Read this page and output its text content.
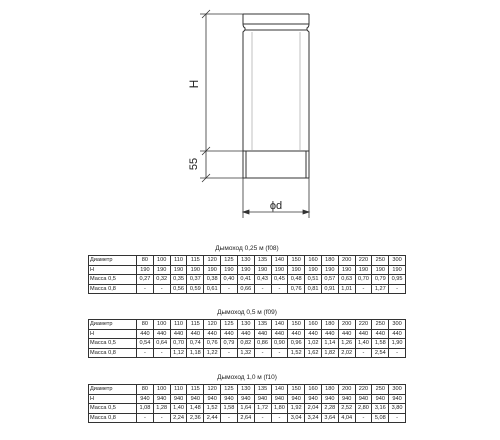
H
55
ϕd
Дымоход 0,25 м (f08)
Диаметр	80	100	110	115	120	125	130	135	140	150	160	180	200	220	250	300
H	190	190	190	190	190	190	190	190	190	190	190	190	190	190	190	190
Масса 0,5	0,27	0,32	0,35	0,37	0,38	0,40	0,41	0,43	0,45	0,48	0,51	0,57	0,63	0,70	0,79	0,95
Масса 0,8	-	-	0,56	0,59	0,61	-	0,66	-	-	0,76	0,81	0,91	1,01	-	1,27	-
Дымоход 0,5 м (f09)
Диаметр	80	100	110	115	120	125	130	135	140	150	160	180	200	220	250	300
H	440	440	440	440	440	440	440	440	440	440	440	440	440	440	440	440
Масса 0,5	0,54	0,64	0,70	0,74	0,76	0,79	0,82	0,86	0,90	0,96	1,02	1,14	1,26	1,40	1,58	1,90
Масса 0,8	-	-	1,12	1,18	1,22	-	1,32	-	-	1,52	1,62	1,82	2,02	-	2,54	-
Дымоход 1,0 м (f10)
Диаметр	80	100	110	115	120	125	130	135	140	150	160	180	200	220	250	300
H	940	940	940	940	940	940	940	940	940	940	940	940	940	940	940	940
Масса 0,5	1,08	1,28	1,40	1,48	1,52	1,58	1,64	1,72	1,80	1,92	2,04	2,28	2,52	2,80	3,16	3,80
Масса 0,8	-	-	2,24	2,36	2,44	-	2,64	-	-	3,04	3,24	3,64	4,04	-	5,08	-
